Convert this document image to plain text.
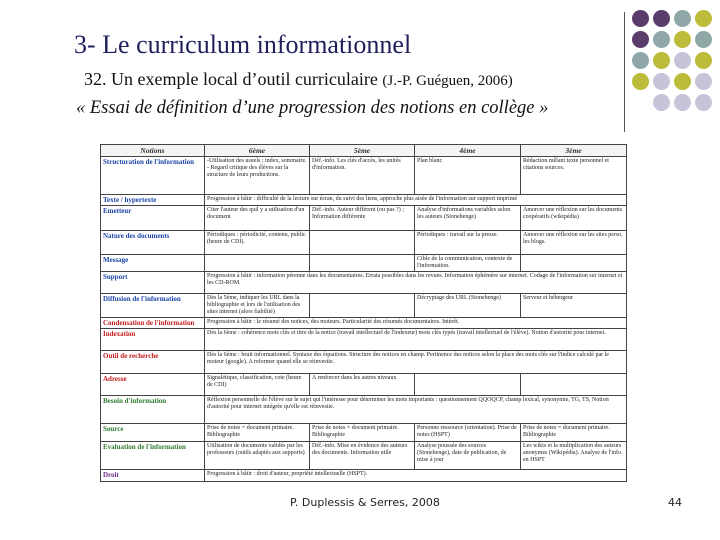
3- Le curriculum informationnel
32. Un exemple local d’outil curriculaire (J.-P. Guéguen, 2006)
« Essai de définition d’une progression des notions en collège »
Notions	6ème	5ème	4ème	3ème
Structuration de l'information	-Utilisation des usuels ; index, sommaire. - Regard critique des élèves sur la structure de leurs productions.	Déf.-info. Les clés d'accès, les unités d'information.	Plan blanc	Rédaction mêlant texte personnel et citations sources.
Texte / hypertexte	Progression à bâtir : difficulté de la lecture sur écran, du suivi des liens, approche plus aisée de l'information sur support imprimé			
Emetteur	Citer l'auteur des quil y a utilisation d'un document	Déf.-info. Auteur différent (ou pas ?) ; Information différente	Analyse d'informations variables selon les auteurs (Stonehenge)	Amorcer une réflexion sur les documents coopératifs (wikipédia)
Nature des documents	Périodiques : périodicité, contenu, public (heure de CDI).		Périodiques : travail sur la presse.	Amorcer une réflexion sur les sites perso, les blogs.
Message			Cible de la communication, contexte de l'information.	
Support	Progression à bâtir : information pérenne dans les documentaires. Errata possibles dans les revues. Information éphémère sur internet. Codage de l'information sur internet et les CD-ROM.			
Diffusion de l'information	Dès la 5ème, indiquer les URL dans la bibliographie et lors de l'utilisation des sites internet (alors fiabilité)		Décryptage des URL (Stonehenge)	Serveur et hébergeur
Condensation de l'information	Progression à bâtir : le résumé des notices, des moteurs. Particularité des résumés documentaires. Intérêt.			
Indexation	Dès la 6ème : cohérence mots clés et titre de la notice (travail intellectuel de l'indexeur) mots clés typés (travail intellectuel de l'élève). Notion d'autorité pour internet.			
Outil de recherche	Dès la 6ème : bruit informationnel. Syntaxe des équations. Structure des notices en champ. Pertinence des notices selon la place des mots clés sur l'indice calculé par le moteur (google). A reformer quand elle se réinvestie.			
Adresse	Signalétique, classification, cote (heure de CDI)	A renforcer dans les autres niveaux		
Besoin d'information	Réflexion personnelle de l'élève sur le sujet qui l'intéresse pour déterminer les mots importants : questionnement QQOQCP, champ lexical, synonymie, TG, TS, Notion d'autorité pour internet intégrée qu'elle est réinvestie.			
Source	Prise de notes = document primaire. Bibliographie	Prise de notes = document primaire. Bibliographie	Personne ressource (orientation). Prise de notes (HSPT)	Prise de notes = document primaire. Bibliographie
Evaluation de l'information	Utilisation de documents validés par les professeurs (outils adaptés aux supports)	Déf.-info. Mise en évidence des auteurs des documents. Information utile	Analyse poussée des sources (Stonehenge), date de publication, de mise à jour	Les wikis et la multiplication des auteurs anonymes (Wikipédia). Analyse de l'info. en HSPT
Droit	Progression à bâtir : droit d'auteur, propriété intellectuelle (HSPT).			
P. Duplessis & Serres, 2008	44
